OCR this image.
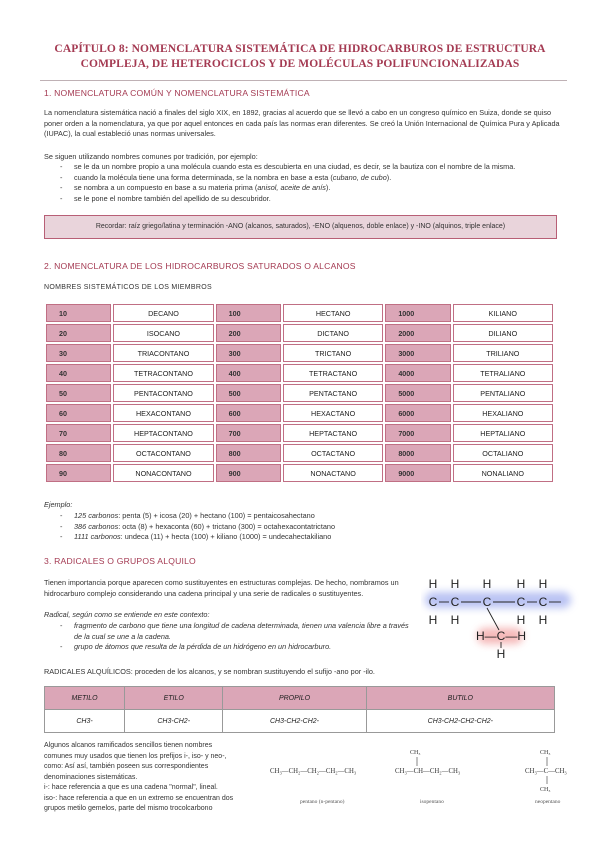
CAPÍTULO 8: NOMENCLATURA SISTEMÁTICA DE HIDROCARBUROS DE ESTRUCTURA
COMPLEJA, DE HETEROCICLOS Y DE MOLÉCULAS POLIFUNCIONALIZADAS
1. NOMENCLATURA COMÚN Y NOMENCLATURA SISTEMÁTICA
La nomenclatura sistemática nació a finales del siglo XIX, en 1892, gracias al acuerdo que se llevó a cabo en un congreso químico en Suiza, donde se quiso poner orden a la nomenclatura, ya que por aquel entonces en cada país las normas eran diferentes. Se creó la Unión Internacional de Química Pura y Aplicada (IUPAC), la cual estableció unas normas universales.
Se siguen utilizando nombres comunes por tradición, por ejemplo:
- se le da un nombre propio a una molécula cuando esta es descubierta en una ciudad, es decir, se la bautiza con el nombre de la misma.
- cuando la molécula tiene una forma determinada, se la nombra en base a esta (cubano, de cubo).
- se nombra a un compuesto en base a su materia prima (anisol, aceite de anís).
- se le pone el nombre también del apellido de su descubridor.
Recordar: raíz griego/latina y terminación -ANO (alcanos, saturados), -ENO (alquenos, doble enlace) y -INO (alquinos, triple enlace)
2. NOMENCLATURA DE LOS HIDROCARBUROS SATURADOS O ALCANOS
NOMBRES SISTEMÁTICOS DE LOS MIEMBROS
10	DECANO	100	HECTANO	1000	KILIANO
20	ISOCANO	200	DICTANO	2000	DILIANO
30	TRIACONTANO	300	TRICTANO	3000	TRILIANO
40	TETRACONTANO	400	TETRACTANO	4000	TETRALIANO
50	PENTACONTANO	500	PENTACTANO	5000	PENTALIANO
60	HEXACONTANO	600	HEXACTANO	6000	HEXALIANO
70	HEPTACONTANO	700	HEPTACTANO	7000	HEPTALIANO
80	OCTACONTANO	800	OCTACTANO	8000	OCTALIANO
90	NONACONTANO	900	NONACTANO	9000	NONALIANO
Ejemplo:
- 125 carbonos: penta (5) + icosa (20) + hectano (100) = pentaicosahectano
- 386 carbonos: octa (8) + hexaconta (60) + trictano (300) = octahexacontatrictano
- 1111 carbonos: undeca (11) + hecta (100) + kiliano (1000) = undecahectakiliano
3. RADICALES O GRUPOS ALQUILO
Tienen importancia porque aparecen como sustituyentes en estructuras complejas. De hecho, nombramos un hidrocarburo complejo considerando una cadena principal y una serie de radicales o sustituyentes.
Radical, según como se entiende en este contexto:
- fragmento de carbono que tiene una longitud de cadena determinada, tienen una valencia libre a través de la cual se une a la cadena.
- grupo de átomos que resulta de la pérdida de un hidrógeno en un hidrocarburo.
H H H H H
C C C C C
H H	H H
H—C—H
H
RADICALES ALQUÍLICOS: proceden de los alcanos, y se nombran sustituyendo el sufijo -ano por -ilo.
METILO	ETILO	PROPILO	BUTILO
CH3-	CH3-CH2-	CH3-CH2-CH2-	CH3-CH2-CH2-CH2-
Algunos alcanos ramificados sencillos tienen nombres
comunes muy usados que tienen los prefijos i-, iso- y neo-,
como: Así así, también poseen sus correspondientes
denominaciones sistemáticas.
i-: hace referencia a que es una cadena "normal", lineal.
iso-: hace referencia a que en un extremo se encuentran dos
grupos metilo gemelos, parte del mismo trocolcarbono
CH₃—CH₂—CH₂—CH₂—CH₃
CH₃
CH₃—CH—CH₂—CH₃
CH₃
CH₃—C—CH₃
CH₃
pentano (n-pentano)	isopentano	neopentano
